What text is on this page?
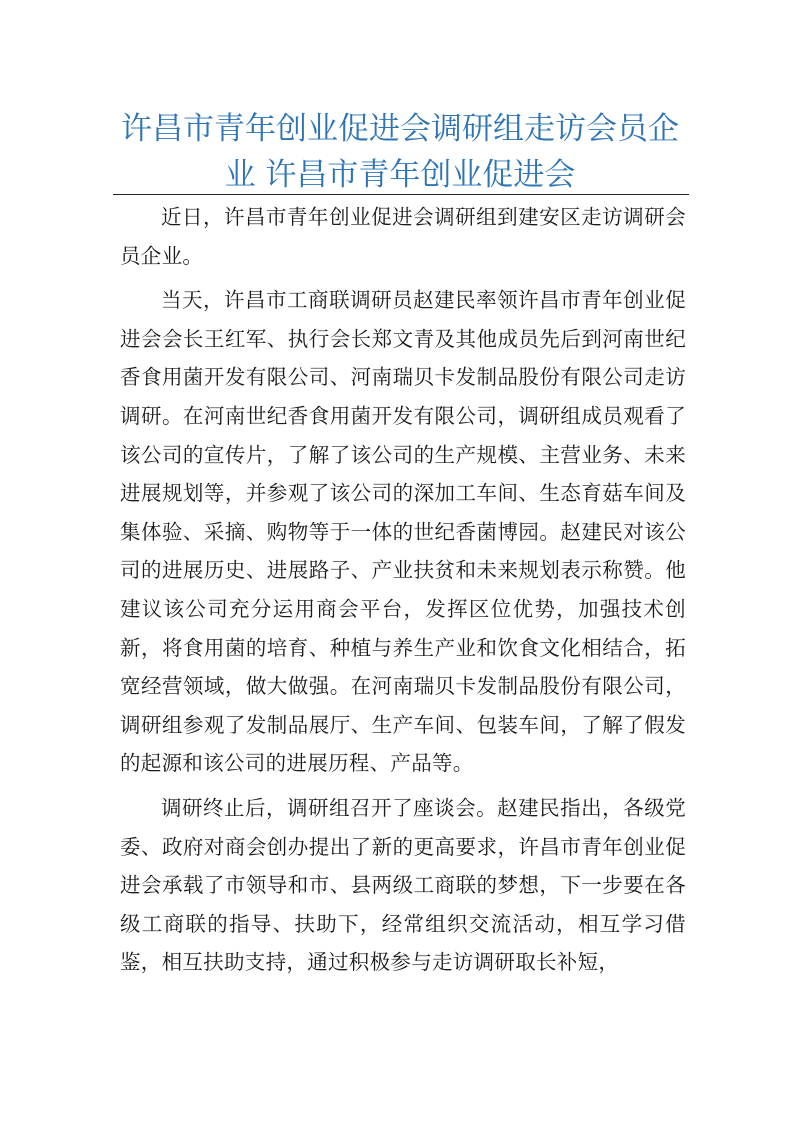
许昌市青年创业促进会调研组走访会员企业 许昌市青年创业促进会

近日，许昌市青年创业促进会调研组到建安区走访调研会员企业。

当天，许昌市工商联调研员赵建民率领许昌市青年创业促进会会长王红军、执行会长郑文青及其他成员先后到河南世纪香食用菌开发有限公司、河南瑞贝卡发制品股份有限公司走访调研。在河南世纪香食用菌开发有限公司，调研组成员观看了该公司的宣传片，了解了该公司的生产规模、主营业务、未来进展规划等，并参观了该公司的深加工车间、生态育菇车间及集体验、采摘、购物等于一体的世纪香菌博园。赵建民对该公司的进展历史、进展路子、产业扶贫和未来规划表示称赞。他建议该公司充分运用商会平台，发挥区位优势，加强技术创新，将食用菌的培育、种植与养生产业和饮食文化相结合，拓宽经营领域，做大做强。在河南瑞贝卡发制品股份有限公司，调研组参观了发制品展厅、生产车间、包装车间，了解了假发的起源和该公司的进展历程、产品等。

调研终止后，调研组召开了座谈会。赵建民指出，各级党委、政府对商会创办提出了新的更高要求，许昌市青年创业促进会承载了市领导和市、县两级工商联的梦想，下一步要在各级工商联的指导、扶助下，经常组织交流活动，相互学习借鉴，相互扶助支持，通过积极参与走访调研取长补短，
